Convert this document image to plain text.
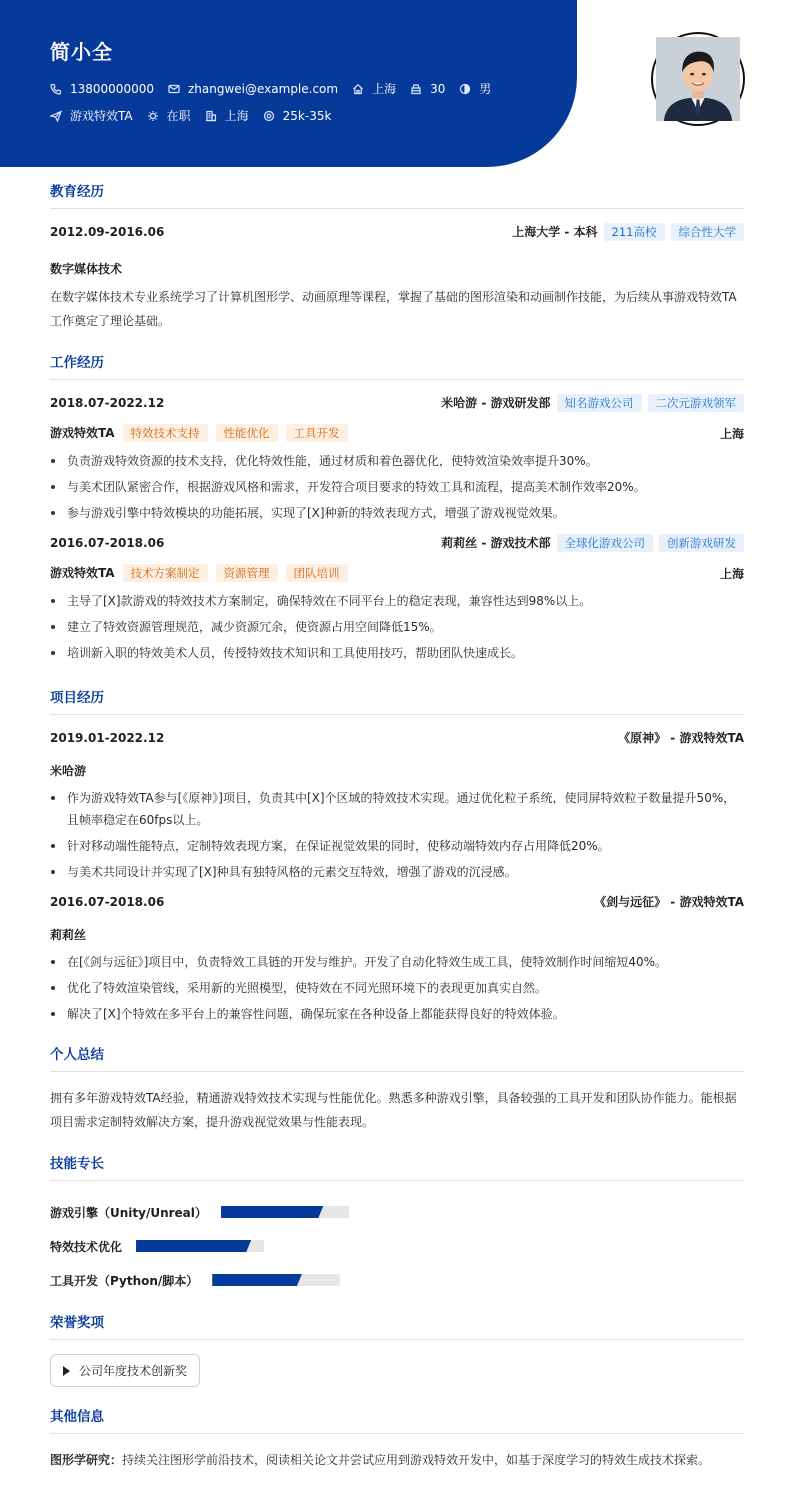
简小全
13800000000	zhangwei@example.com	上海	30	男
游戏特效TA	在职	上海	25k-35k
教育经历
2012.09-2016.06	上海大学 - 本科 211高校 综合性大学
数字媒体技术
在数字媒体技术专业系统学习了计算机图形学、动画原理等课程，掌握了基础的图形渲染和动画制作技能，为后续从事游戏特效TA工作奠定了理论基础。
工作经历
2018.07-2022.12	米哈游 - 游戏研发部 知名游戏公司 二次元游戏领军
游戏特效TA 特效技术支持 性能优化 工具开发	上海
负责游戏特效资源的技术支持，优化特效性能，通过材质和着色器优化，使特效渲染效率提升30%。
与美术团队紧密合作，根据游戏风格和需求，开发符合项目要求的特效工具和流程，提高美术制作效率20%。
参与游戏引擎中特效模块的功能拓展，实现了[X]种新的特效表现方式，增强了游戏视觉效果。
2016.07-2018.06	莉莉丝 - 游戏技术部 全球化游戏公司 创新游戏研发
游戏特效TA 技术方案制定 资源管理 团队培训	上海
主导了[X]款游戏的特效技术方案制定，确保特效在不同平台上的稳定表现，兼容性达到98%以上。
建立了特效资源管理规范，减少资源冗余，使资源占用空间降低15%。
培训新入职的特效美术人员，传授特效技术知识和工具使用技巧，帮助团队快速成长。
项目经历
2019.01-2022.12	《原神》 - 游戏特效TA
米哈游
作为游戏特效TA参与[《原神》]项目，负责其中[X]个区域的特效技术实现。通过优化粒子系统，使同屏特效粒子数量提升50%，且帧率稳定在60fps以上。
针对移动端性能特点，定制特效表现方案，在保证视觉效果的同时，使移动端特效内存占用降低20%。
与美术共同设计并实现了[X]种具有独特风格的元素交互特效，增强了游戏的沉浸感。
2016.07-2018.06	《剑与远征》 - 游戏特效TA
莉莉丝
在[《剑与远征》]项目中，负责特效工具链的开发与维护。开发了自动化特效生成工具，使特效制作时间缩短40%。
优化了特效渲染管线，采用新的光照模型，使特效在不同光照环境下的表现更加真实自然。
解决了[X]个特效在多平台上的兼容性问题，确保玩家在各种设备上都能获得良好的特效体验。
个人总结
拥有多年游戏特效TA经验，精通游戏特效技术实现与性能优化。熟悉多种游戏引擎，具备较强的工具开发和团队协作能力。能根据项目需求定制特效解决方案，提升游戏视觉效果与性能表现。
技能专长
游戏引擎（Unity/Unreal）
特效技术优化
工具开发（Python/脚本）
荣誉奖项
公司年度技术创新奖
其他信息
图形学研究：持续关注图形学前沿技术，阅读相关论文并尝试应用到游戏特效开发中，如基于深度学习的特效生成技术探索。
